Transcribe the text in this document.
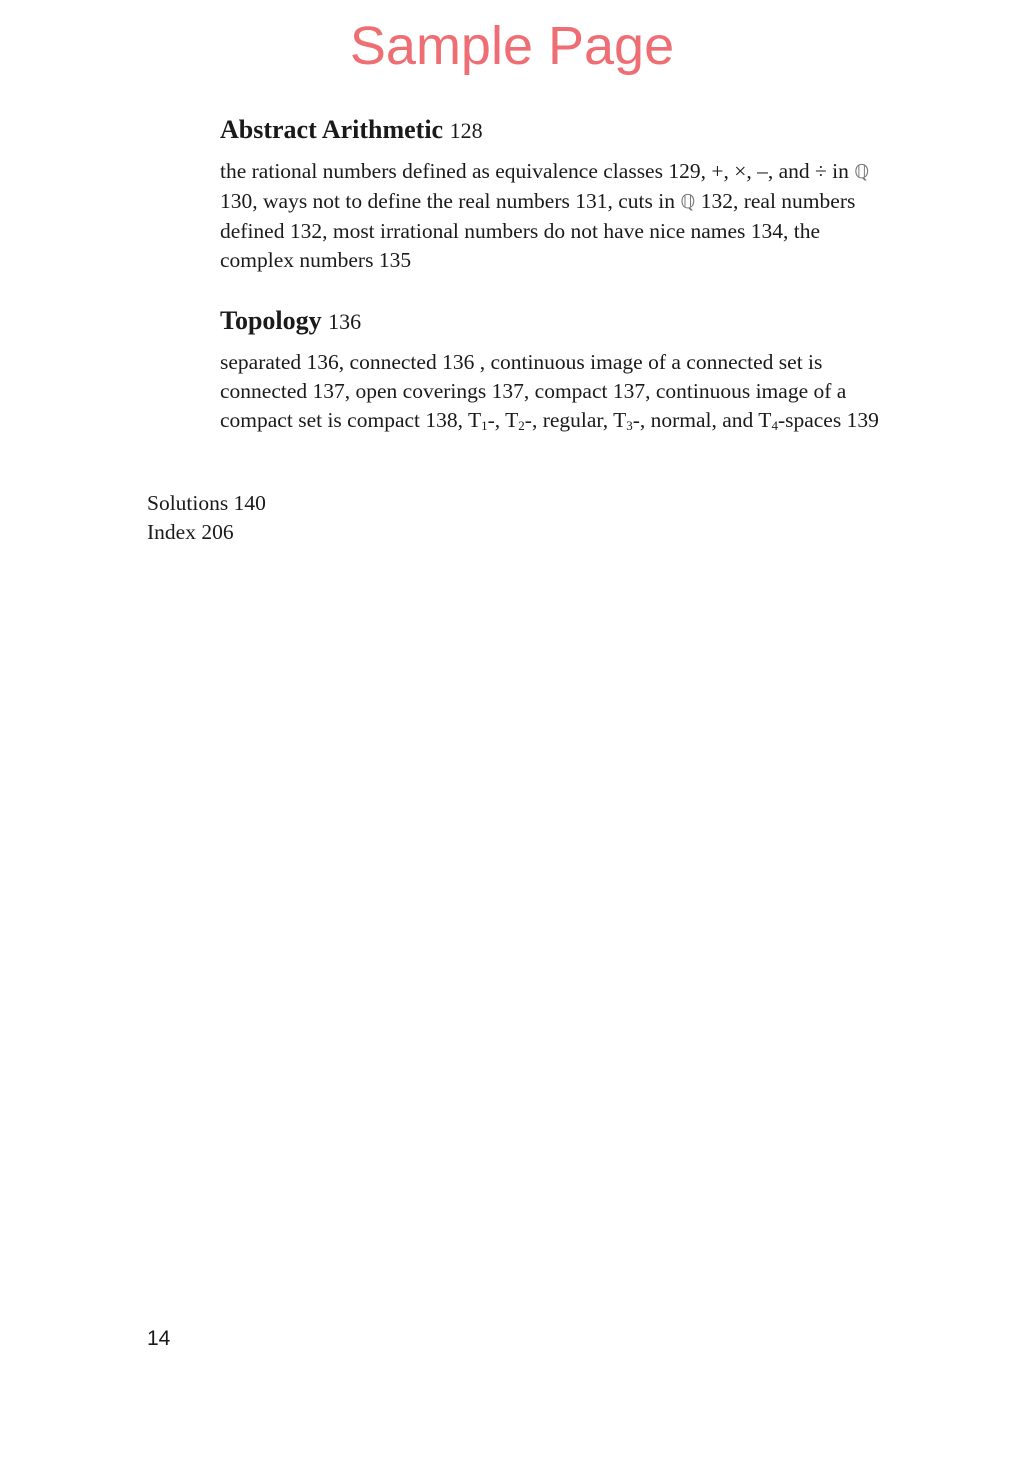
Sample Page
Abstract Arithmetic 128

the rational numbers defined as equivalence classes 129, +, ×, –, and ÷ in ℚ 130, ways not to define the real numbers 131, cuts in ℚ 132, real numbers defined 132, most irrational numbers do not have nice names 134, the complex numbers 135

Topology 136

separated 136, connected 136 , continuous image of a connected set is connected 137, open coverings 137, compact 137, continuous image of a compact set is compact 138, $T_1-$, $T_2-$, regular, $T_3-$, normal, and $T_4$-spaces 139

Solutions 140
Index 206
14
